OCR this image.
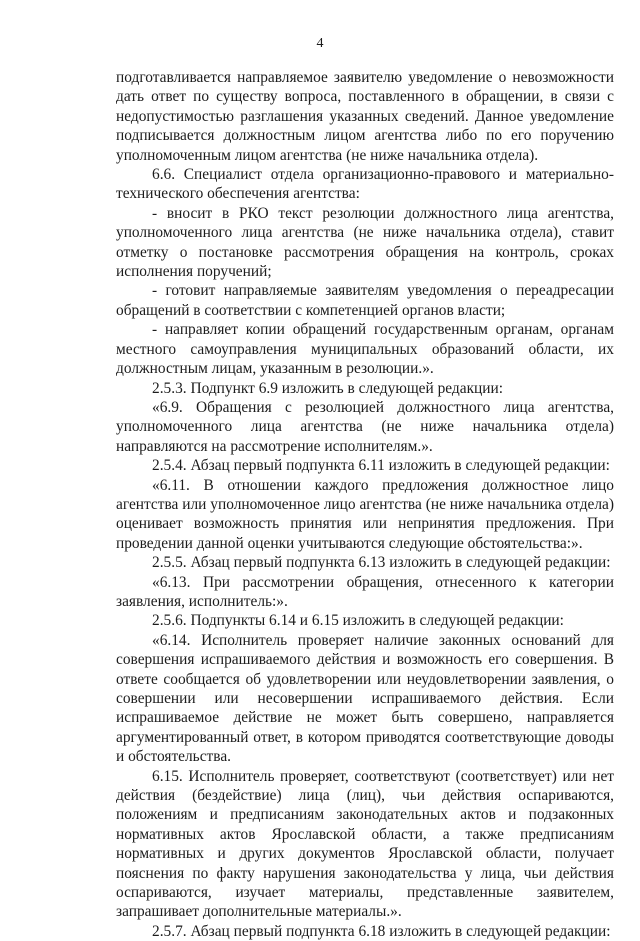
4

подготавливается направляемое заявителю уведомление о невозможности дать ответ по существу вопроса, поставленного в обращении, в связи с недопустимостью разглашения указанных сведений. Данное уведомление подписывается должностным лицом агентства либо по его поручению уполномоченным лицом агентства (не ниже начальника отдела).

6.6. Специалист отдела организационно-правового и материально-технического обеспечения агентства:

- вносит в РКО текст резолюции должностного лица агентства, уполномоченного лица агентства (не ниже начальника отдела), ставит отметку о постановке рассмотрения обращения на контроль, сроках исполнения поручений;

- готовит направляемые заявителям уведомления о переадресации обращений в соответствии с компетенцией органов власти;

- направляет копии обращений государственным органам, органам местного самоуправления муниципальных образований области, их должностным лицам, указанным в резолюции.».

2.5.3. Подпункт 6.9 изложить в следующей редакции:

«6.9. Обращения с резолюцией должностного лица агентства, уполномоченного лица агентства (не ниже начальника отдела) направляются на рассмотрение исполнителям.».

2.5.4. Абзац первый подпункта 6.11 изложить в следующей редакции:

«6.11. В отношении каждого предложения должностное лицо агентства или уполномоченное лицо агентства (не ниже начальника отдела) оценивает возможность принятия или непринятия предложения. При проведении данной оценки учитываются следующие обстоятельства:».

2.5.5. Абзац первый подпункта 6.13 изложить в следующей редакции:

«6.13. При рассмотрении обращения, отнесенного к категории заявления, исполнитель:».

2.5.6. Подпункты 6.14 и 6.15 изложить в следующей редакции:

«6.14. Исполнитель проверяет наличие законных оснований для совершения испрашиваемого действия и возможность его совершения. В ответе сообщается об удовлетворении или неудовлетворении заявления, о совершении или несовершении испрашиваемого действия. Если испрашиваемое действие не может быть совершено, направляется аргументированный ответ, в котором приводятся соответствующие доводы и обстоятельства.

6.15. Исполнитель проверяет, соответствуют (соответствует) или нет действия (бездействие) лица (лиц), чьи действия оспариваются, положениям и предписаниям законодательных актов и подзаконных нормативных актов Ярославской области, а также предписаниям нормативных и других документов Ярославской области, получает пояснения по факту нарушения законодательства у лица, чьи действия оспариваются, изучает материалы, представленные заявителем, запрашивает дополнительные материалы.».

2.5.7. Абзац первый подпункта 6.18 изложить в следующей редакции:
